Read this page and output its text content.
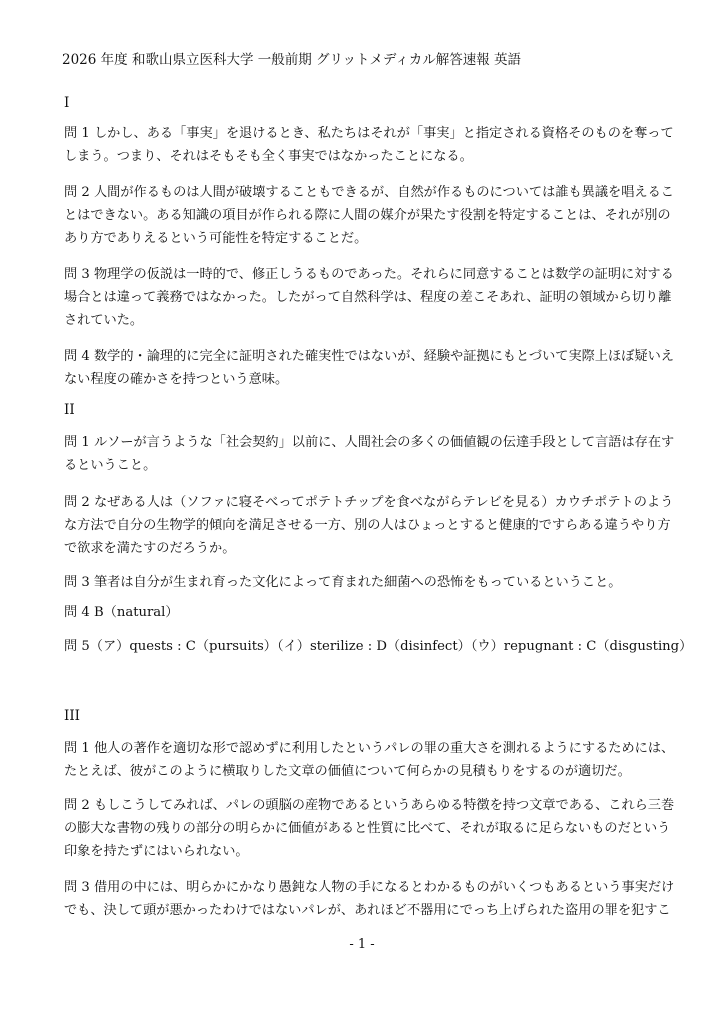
2026 年度 和歌山県立医科大学 一般前期 グリットメディカル解答速報 英語
I
問 1 しかし、ある「事実」を退けるとき、私たちはそれが「事実」と指定される資格そのものを奪って
しまう。つまり、それはそもそも全く事実ではなかったことになる。
問 2 人間が作るものは人間が破壊することもできるが、自然が作るものについては誰も異議を唱えるこ
とはできない。ある知識の項目が作られる際に人間の媒介が果たす役割を特定することは、それが別の
あり方でありえるという可能性を特定することだ。
問 3 物理学の仮説は一時的で、修正しうるものであった。それらに同意することは数学の証明に対する
場合とは違って義務ではなかった。したがって自然科学は、程度の差こそあれ、証明の領域から切り離
されていた。
問 4 数学的・論理的に完全に証明された確実性ではないが、経験や証拠にもとづいて実際上ほぼ疑いえ
ない程度の確かさを持つという意味。
II
問 1 ルソーが言うような「社会契約」以前に、人間社会の多くの価値観の伝達手段として言語は存在す
るということ。
問 2 なぜある人は（ソファに寝そべってポテトチップを食べながらテレビを見る）カウチポテトのよう
な方法で自分の生物学的傾向を満足させる一方、別の人はひょっとすると健康的ですらある違うやり方
で欲求を満たすのだろうか。
問 3 筆者は自分が生まれ育った文化によって育まれた細菌への恐怖をもっているということ。
問 4 B（natural）
問 5（ア）quests : C（pursuits）（イ）sterilize : D（disinfect）（ウ）repugnant : C（disgusting）
III
問 1 他人の著作を適切な形で認めずに利用したというパレの罪の重大さを測れるようにするためには、
たとえば、彼がこのように横取りした文章の価値について何らかの見積もりをするのが適切だ。
問 2 もしこうしてみれば、パレの頭脳の産物であるというあらゆる特徴を持つ文章である、これら三巻
の膨大な書物の残りの部分の明らかに価値があると性質に比べて、それが取るに足らないものだという
印象を持たずにはいられない。
問 3 借用の中には、明らかにかなり愚鈍な人物の手になるとわかるものがいくつもあるという事実だけ
でも、決して頭が悪かったわけではないパレが、あれほど不器用にでっち上げられた盗用の罪を犯すこ
- 1 -
